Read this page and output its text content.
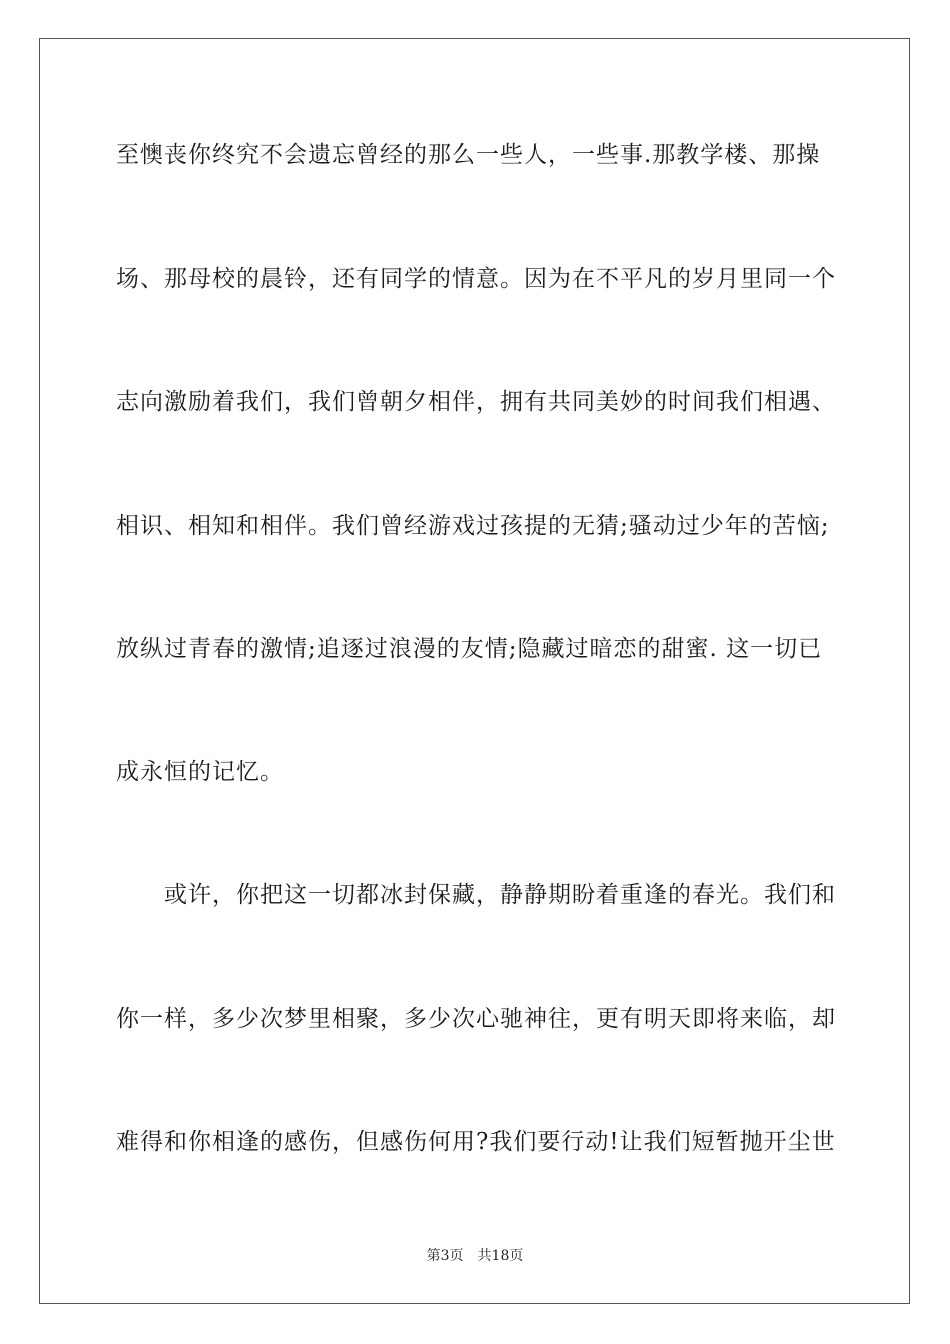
至懊丧你终究不会遗忘曾经的那么一些人，一些事.那教学楼、那操
场、那母校的晨铃，还有同学的情意。因为在不平凡的岁月里同一个
志向激励着我们，我们曾朝夕相伴，拥有共同美妙的时间我们相遇、
相识、相知和相伴。我们曾经游戏过孩提的无猜;骚动过少年的苦恼;
放纵过青春的激情;追逐过浪漫的友情;隐藏过暗恋的甜蜜. 这一切已
成永恒的记忆。
或许，你把这一切都冰封保藏，静静期盼着重逢的春光。我们和
你一样，多少次梦里相聚，多少次心驰神往，更有明天即将来临，却
难得和你相逢的感伤，但感伤何用?我们要行动!让我们短暂抛开尘世
第3页 共18页
